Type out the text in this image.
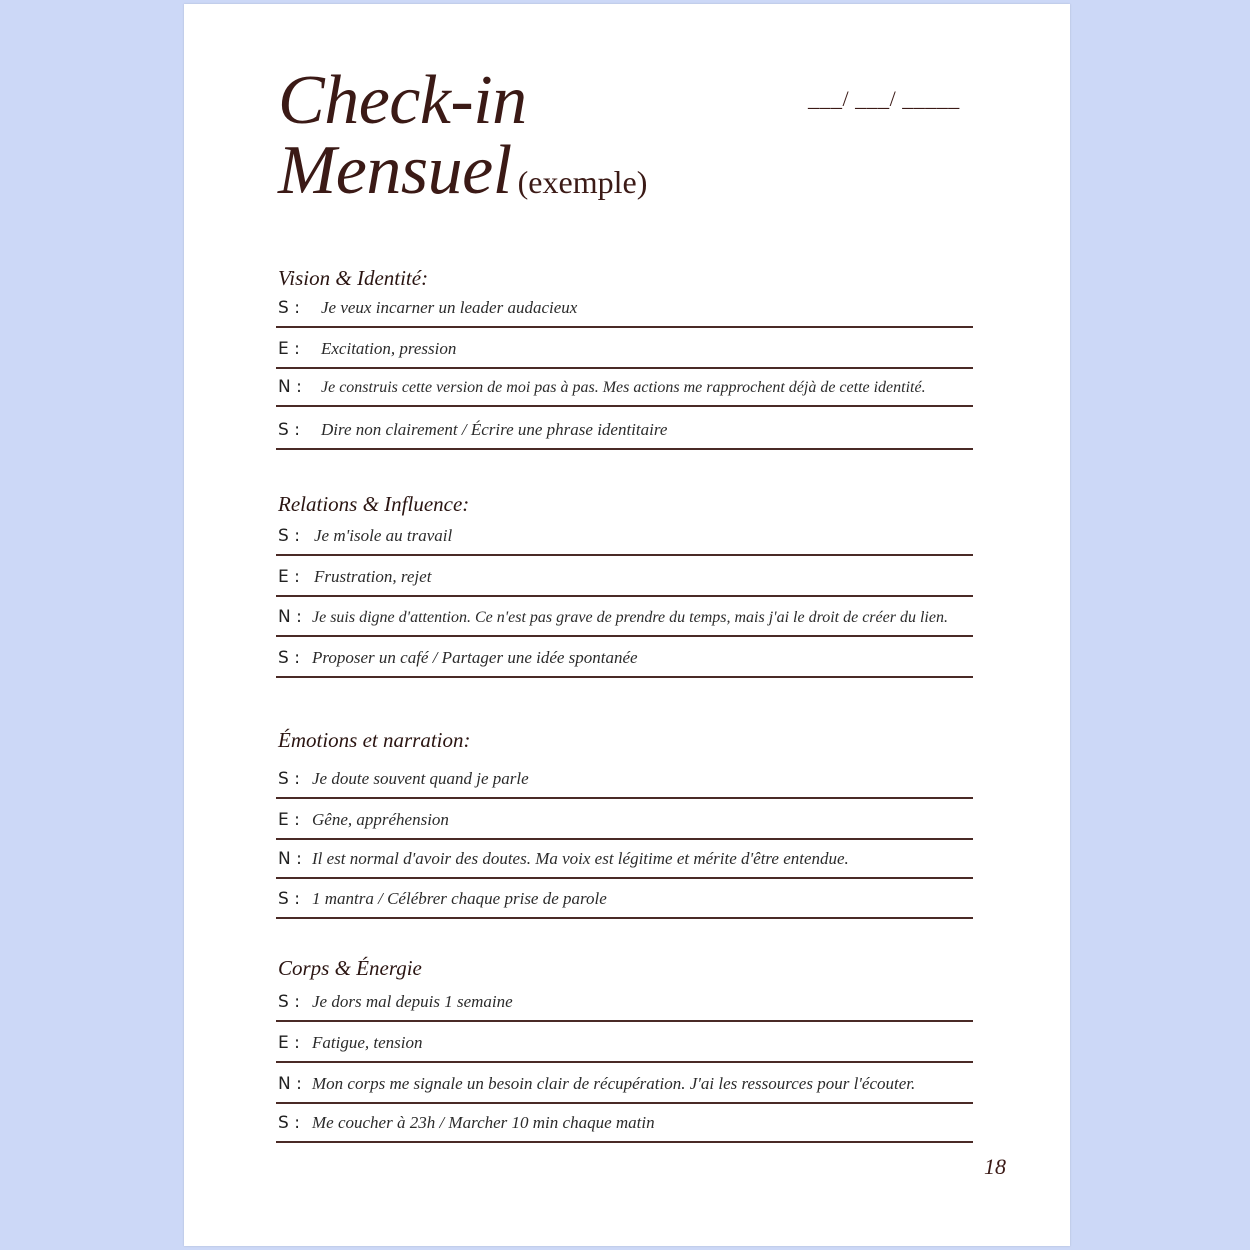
Check-in
Mensuel (exemple)
___/ ___/ _____
Vision & Identité:
S : Je veux incarner un leader audacieux
E : Excitation, pression
N : Je construis cette version de moi pas à pas. Mes actions me rapprochent déjà de cette identité.
S : Dire non clairement / Écrire une phrase identitaire
Relations & Influence:
S : Je m'isole au travail
E : Frustration, rejet
N : Je suis digne d'attention. Ce n'est pas grave de prendre du temps, mais j'ai le droit de créer du lien.
S : Proposer un café / Partager une idée spontanée
Émotions et narration:
S : Je doute souvent quand je parle
E : Gêne, appréhension
N : Il est normal d'avoir des doutes. Ma voix est légitime et mérite d'être entendue.
S : 1 mantra / Célébrer chaque prise de parole
Corps & Énergie
S : Je dors mal depuis 1 semaine
E : Fatigue, tension
N : Mon corps me signale un besoin clair de récupération. J'ai les ressources pour l'écouter.
S : Me coucher à 23h / Marcher 10 min chaque matin
18
